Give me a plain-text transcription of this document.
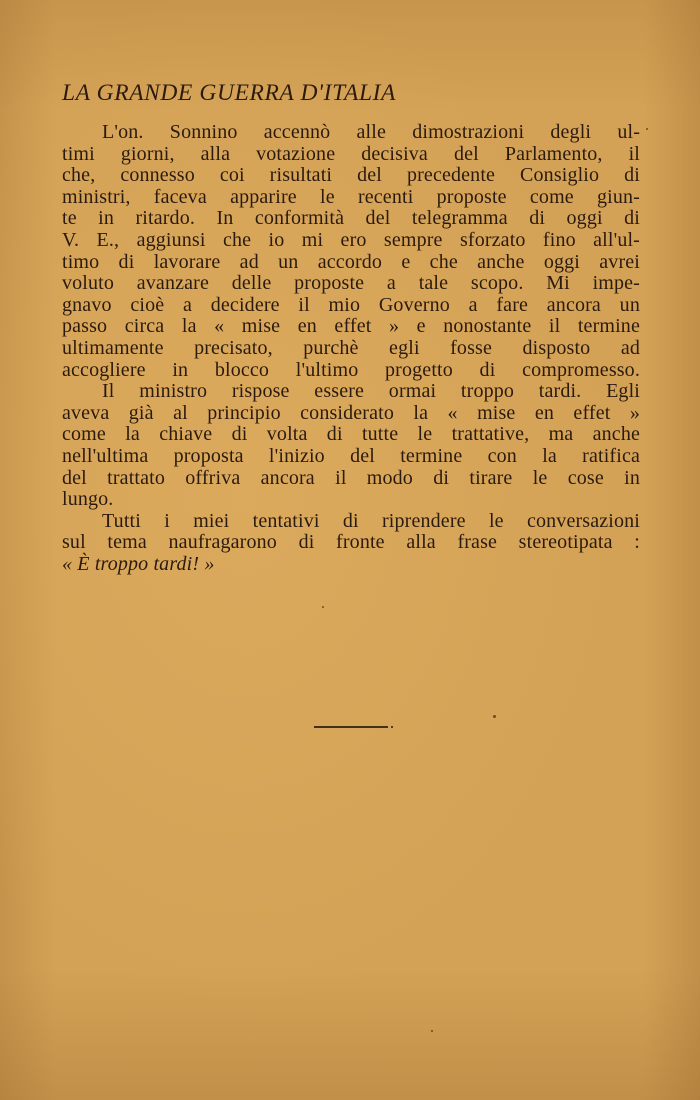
LA GRANDE GUERRA D'ITALIA
L'on. Sonnino accennò alle dimostrazioni degli ul-
timi giorni, alla votazione decisiva del Parlamento, il
che, connesso coi risultati del precedente Consiglio di
ministri, faceva apparire le recenti proposte come giun-
te in ritardo. In conformità del telegramma di oggi di
V. E., aggiunsi che io mi ero sempre sforzato fino all'ul-
timo di lavorare ad un accordo e che anche oggi avrei
voluto avanzare delle proposte a tale scopo. Mi impe-
gnavo cioè a decidere il mio Governo a fare ancora un
passo circa la « mise en effet » e nonostante il termine
ultimamente precisato, purchè egli fosse disposto ad
accogliere in blocco l'ultimo progetto di compromesso.
Il ministro rispose essere ormai troppo tardi. Egli
aveva già al principio considerato la « mise en effet »
come la chiave di volta di tutte le trattative, ma anche
nell'ultima proposta l'inizio del termine con la ratifica
del trattato offriva ancora il modo di tirare le cose in
lungo.
Tutti i miei tentativi di riprendere le conversazioni
sul tema naufragarono di fronte alla frase stereotipata :
« È troppo tardi! »
